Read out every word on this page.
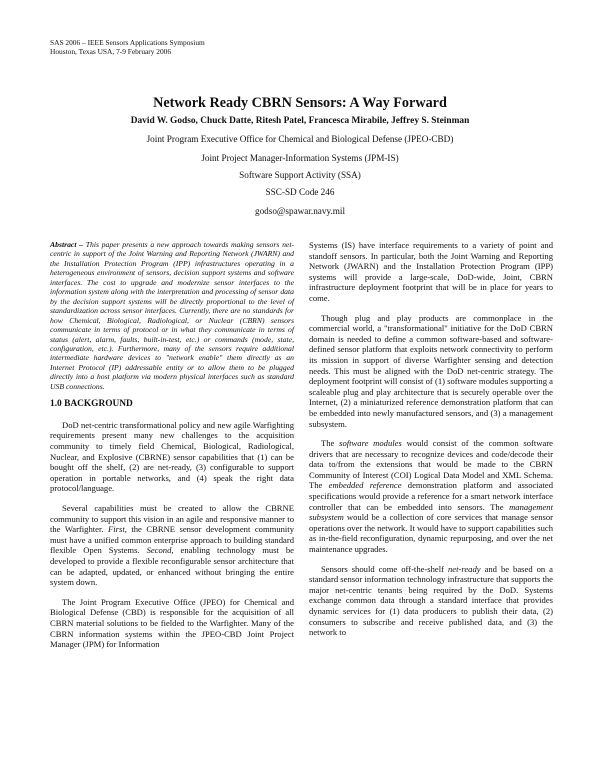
SAS 2006 – IEEE Sensors Applications Symposium
Houston, Texas USA, 7-9 February 2006
Network Ready CBRN Sensors: A Way Forward
David W. Godso, Chuck Datte, Ritesh Patel, Francesca Mirabile, Jeffrey S. Steinman
Joint Program Executive Office for Chemical and Biological Defense (JPEO-CBD)
Joint Project Manager-Information Systems (JPM-IS)
Software Support Activity (SSA)
SSC-SD Code 246
godso@spawar.navy.mil
Abstract – This paper presents a new approach towards making sensors net-centric in support of the Joint Warning and Reporting Network (JWARN) and the Installation Protection Program (IPP) infrastructures operating in a heterogeneous environment of sensors, decision support systems and software interfaces. The cost to upgrade and modernize sensor interfaces to the information system along with the interpretation and processing of sensor data by the decision support systems will be directly proportional to the level of standardization across sensor interfaces. Currently, there are no standards for how Chemical, Biological, Radiological, or Nuclear (CBRN) sensors communicate in terms of protocol or in what they communicate in terms of status (alert, alarm, faults, built-in-test, etc.) or commands (mode, state, configuration, etc.). Furthermore, many of the sensors require additional intermediate hardware devices to "network enable" them directly as an Internet Protocol (IP) addressable entity or to allow them to be plugged directly into a host platform via modern physical interfaces such as standard USB connections.
1.0 BACKGROUND

DoD net-centric transformational policy and new agile Warfighting requirements present many new challenges to the acquisition community to timely field Chemical, Biological, Radiological, Nuclear, and Explosive (CBRNE) sensor capabilities that (1) can be bought off the shelf, (2) are net-ready, (3) configurable to support operation in portable networks, and (4) speak the right data protocol/language.

Several capabilities must be created to allow the CBRNE community to support this vision in an agile and responsive manner to the Warfighter. First, the CBRNE sensor development community must have a unified common enterprise approach to building standard flexible Open Systems. Second, enabling technology must be developed to provide a flexible reconfigurable sensor architecture that can be adapted, updated, or enhanced without bringing the entire system down.

The Joint Program Executive Office (JPEO) for Chemical and Biological Defense (CBD) is responsible for the acquisition of all CBRN material solutions to be fielded to the Warfighter. Many of the CBRN information systems within the JPEO-CBD Joint Project Manager (JPM) for Information

Systems (IS) have interface requirements to a variety of point and standoff sensors. In particular, both the Joint Warning and Reporting Network (JWARN) and the Installation Protection Program (IPP) systems will provide a large-scale, DoD-wide, Joint, CBRN infrastructure deployment footprint that will be in place for years to come.

Though plug and play products are commonplace in the commercial world, a "transformational" initiative for the DoD CBRN domain is needed to define a common software-based and software-defined sensor platform that exploits network connectivity to perform its mission in support of diverse Warfighter sensing and detection needs. This must be aligned with the DoD net-centric strategy. The deployment footprint will consist of (1) software modules supporting a scaleable plug and play architecture that is securely operable over the Internet, (2) a miniaturized reference demonstration platform that can be embedded into newly manufactured sensors, and (3) a management subsystem.

The software modules would consist of the common software drivers that are necessary to recognize devices and code/decode their data to/from the extensions that would be made to the CBRN Community of Interest (COI) Logical Data Model and XML Schema. The embedded reference demonstration platform and associated specifications would provide a reference for a smart network interface controller that can be embedded into sensors. The management subsystem would be a collection of core services that manage sensor operations over the network. It would have to support capabilities such as in-the-field reconfiguration, dynamic repurposing, and over the net maintenance upgrades.

Sensors should come off-the-shelf net-ready and be based on a standard sensor information technology infrastructure that supports the major net-centric tenants being required by the DoD. Systems exchange common data through a standard interface that provides dynamic services for (1) data producers to publish their data, (2) consumers to subscribe and receive published data, and (3) the network to
